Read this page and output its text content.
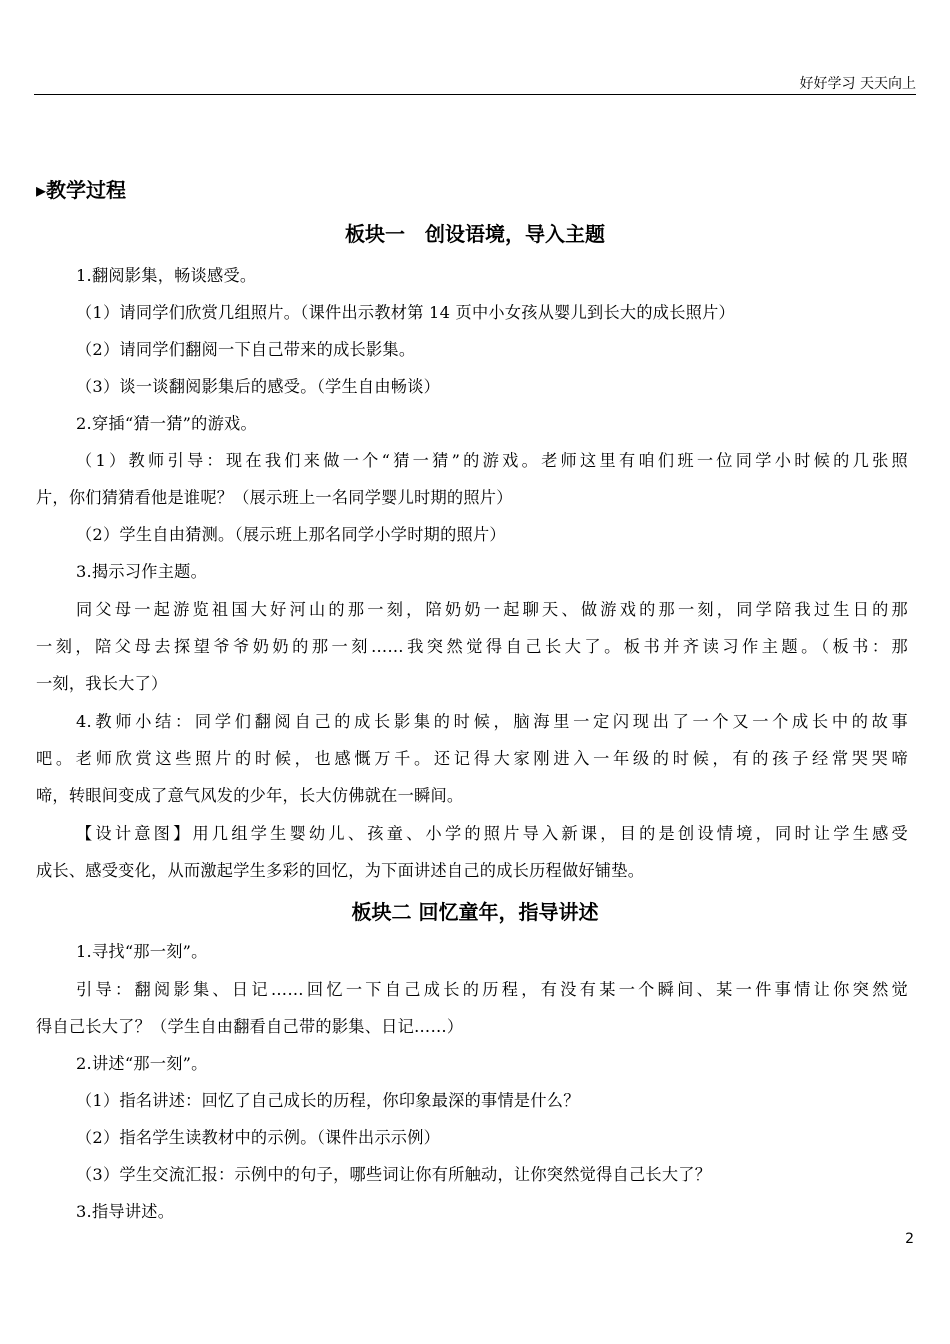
好好学习 天天向上
▸教学过程
板块一　创设语境，导入主题
1.翻阅影集，畅谈感受。
（1）请同学们欣赏几组照片。（课件出示教材第 14 页中小女孩从婴儿到长大的成长照片）
（2）请同学们翻阅一下自己带来的成长影集。
（3）谈一谈翻阅影集后的感受。（学生自由畅谈）
2.穿插“猜一猜”的游戏。
（1）教师引导：现在我们来做一个“猜一猜”的游戏。老师这里有咱们班一位同学小时候的几张照
片，你们猜猜看他是谁呢？（展示班上一名同学婴儿时期的照片）
（2）学生自由猜测。（展示班上那名同学小学时期的照片）
3.揭示习作主题。
同父母一起游览祖国大好河山的那一刻，陪奶奶一起聊天、做游戏的那一刻，同学陪我过生日的那
一刻，陪父母去探望爷爷奶奶的那一刻……我突然觉得自己长大了。板书并齐读习作主题。（板书：那
一刻，我长大了）
4.教师小结：同学们翻阅自己的成长影集的时候，脑海里一定闪现出了一个又一个成长中的故事
吧。老师欣赏这些照片的时候，也感慨万千。还记得大家刚进入一年级的时候，有的孩子经常哭哭啼
啼，转眼间变成了意气风发的少年，长大仿佛就在一瞬间。
【设计意图】用几组学生婴幼儿、孩童、小学的照片导入新课，目的是创设情境，同时让学生感受
成长、感受变化，从而激起学生多彩的回忆，为下面讲述自己的成长历程做好铺垫。
板块二 回忆童年，指导讲述
1.寻找“那一刻”。
引导：翻阅影集、日记……回忆一下自己成长的历程，有没有某一个瞬间、某一件事情让你突然觉
得自己长大了？（学生自由翻看自己带的影集、日记……）
2.讲述“那一刻”。
（1）指名讲述：回忆了自己成长的历程，你印象最深的事情是什么？
（2）指名学生读教材中的示例。（课件出示示例）
（3）学生交流汇报：示例中的句子，哪些词让你有所触动，让你突然觉得自己长大了？
3.指导讲述。
2
